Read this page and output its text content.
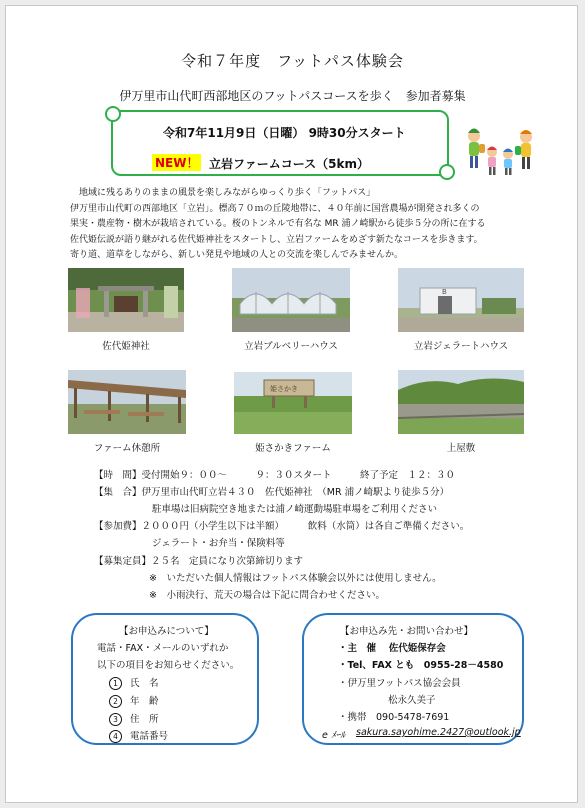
令和７年度　フットパス体験会
伊万里市山代町西部地区のフットパスコースを歩く　参加者募集
令和7年11月9日（日曜） 9時30分スタート
NEW！ 立岩ファームコース（5km）

　地域に残るありのままの風景を楽しみながらゆっくり歩く「フットパス」

伊万里市山代町の西部地区「立岩」。標高７０ｍの丘陵地帯に、４０年前に国営農場が開発され多くの

果実・農産物・樹木が栽培されている。桜のトンネルで有名な MR 浦ノ崎駅から徒歩５分の所に在する

佐代姫伝説が語り継がれる佐代姫神社をスタートし、立岩ファームをめざす新たなコースを歩きます。

寄り道、道草をしながら、新しい発見や地域の人との交流を楽しんでみませんか。

佐代姫神社	立岩ブルベリーハウス
B
立岩ジェラートハウス
ファーム休憩所
姫さかき
姫さかきファーム	上屋敷
【時　間】受付開始９：００～　　　９：３０スタート　　　終了予定　１２：３０
【集　合】伊万里市山代町立岩４３０　佐代姫神社　（MR 浦ノ崎駅より徒歩５分）
駐車場は旧病院空き地または浦ノ崎運動場駐車場をご利用ください
【参加費】２０００円（小学生以下は半額）　　　飲料（水筒）は各自ご準備ください。
ジェラート・お弁当・保険料等
【募集定員】２５名　定員になり次第締切ります
※　いただいた個人情報はフットパス体験会以外には使用しません。
※　小雨決行、荒天の場合は下記に問合わせください。
【お申込みについて】
電話・FAX・メールのいずれか
以下の項目をお知らせください。
1 氏　名
2 年　齢
3 住　所
4 電話番号
【お申込み先・お問い合わせ】
・主　催　 佐代姫保存会
・Tel、FAX とも　0955-28－4580
・伊万里フットパス協会会員
松永久美子
・携帯　090-5478-7691
e ﾒｰﾙ sakura.sayohime.2427@outlook.jp
